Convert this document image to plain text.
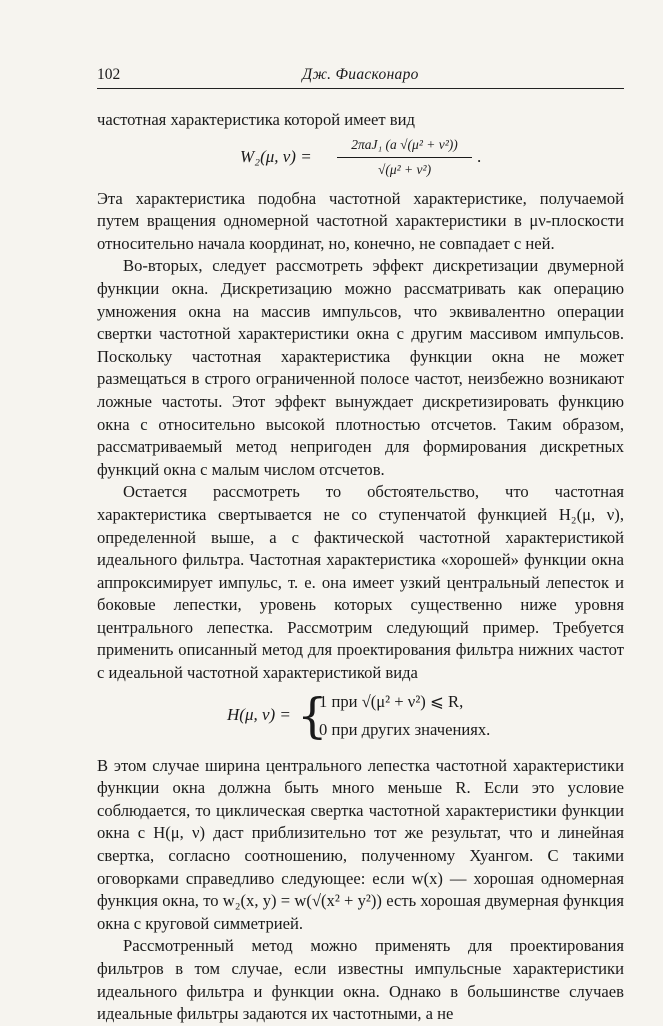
102	Дж. Фиасконаро

частотная характеристика которой имеет вид

W₂(μ, ν) =
2πaJ₁ (a √(μ² + ν²))
√(μ² + ν²)
.

Эта характеристика подобна частотной характеристике, получаемой путем вращения одномерной частотной характеристики в μν-плоскости относительно начала координат, но, конечно, не совпадает с ней.

Во-вторых, следует рассмотреть эффект дискретизации двумерной функции окна. Дискретизацию можно рассматривать как операцию умножения окна на массив импульсов, что эквивалентно операции свертки частотной характеристики окна с другим массивом импульсов. Поскольку частотная характеристика функции окна не может размещаться в строго ограниченной полосе частот, неизбежно возникают ложные частоты. Этот эффект вынуждает дискретизировать функцию окна с относительно высокой плотностью отсчетов. Таким образом, рассматриваемый метод непригоден для формирования дискретных функций окна с малым числом отсчетов.

Остается рассмотреть то обстоятельство, что частотная характеристика свертывается не со ступенчатой функцией H₂(μ, ν), определенной выше, а с фактической частотной характеристикой идеального фильтра. Частотная характеристика «хорошей» функции окна аппроксимирует импульс, т. е. она имеет узкий центральный лепесток и боковые лепестки, уровень которых существенно ниже уровня центрального лепестка. Рассмотрим следующий пример. Требуется применить описанный метод для проектирования фильтра нижних частот с идеальной частотной характеристикой вида

H(μ, ν) = {
1 при √(μ² + ν²) ⩽ R,
0 при других значениях.

В этом случае ширина центрального лепестка частотной характеристики функции окна должна быть много меньше R. Если это условие соблюдается, то циклическая свертка частотной характеристики функции окна с H(μ, ν) даст приблизительно тот же результат, что и линейная свертка, согласно соотношению, полученному Хуангом. С такими оговорками справедливо следующее: если w(x) — хорошая одномерная функция окна, то w₂(x, y) = w(√(x² + y²)) есть хорошая двумерная функция окна с круговой симметрией.

Рассмотренный метод можно применять для проектирования фильтров в том случае, если известны импульсные характеристики идеального фильтра и функции окна. Однако в большинстве случаев идеальные фильтры задаются их частотными, а не
